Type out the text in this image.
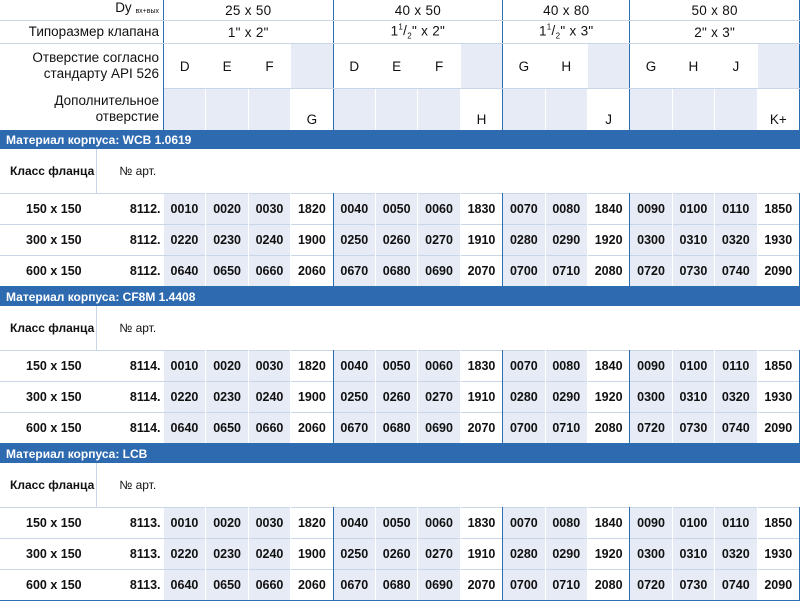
Dy вх+вых		25 x 50				40 x 50				40 x 80			50 x 80			
Типоразмер клапана		1" x 2"				$1^1/_2$" x 2"				$1^1/_2$" x 3"			2" x 3"			
Отверстие согласно
стандарту API 526		D	E	F		D	E	F		G	H		G	H	J	
Дополнительное
отверстие					G				H			J				K+
Материал корпуса: WCB 1.0619																
Класс фланца	№ арт.															
150 x 150	8112.	0010	0020	0030	1820	0040	0050	0060	1830	0070	0080	1840	0090	0100	0110	1850
300 x 150	8112.	0220	0230	0240	1900	0250	0260	0270	1910	0280	0290	1920	0300	0310	0320	1930
600 x 150	8112.	0640	0650	0660	2060	0670	0680	0690	2070	0700	0710	2080	0720	0730	0740	2090
Материал корпуса: CF8M 1.4408																
Класс фланца	№ арт.															
150 x 150	8114.	0010	0020	0030	1820	0040	0050	0060	1830	0070	0080	1840	0090	0100	0110	1850
300 x 150	8114.	0220	0230	0240	1900	0250	0260	0270	1910	0280	0290	1920	0300	0310	0320	1930
600 x 150	8114.	0640	0650	0660	2060	0670	0680	0690	2070	0700	0710	2080	0720	0730	0740	2090
Материал корпуса: LCB																
Класс фланца	№ арт.															
150 x 150	8113.	0010	0020	0030	1820	0040	0050	0060	1830	0070	0080	1840	0090	0100	0110	1850
300 x 150	8113.	0220	0230	0240	1900	0250	0260	0270	1910	0280	0290	1920	0300	0310	0320	1930
600 x 150	8113.	0640	0650	0660	2060	0670	0680	0690	2070	0700	0710	2080	0720	0730	0740	2090
